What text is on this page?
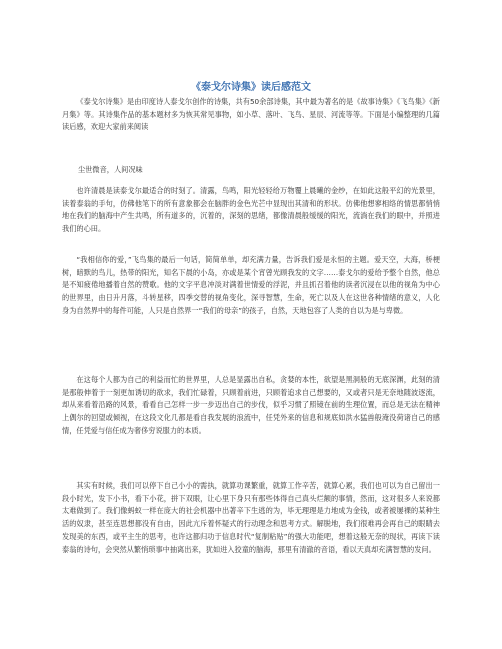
《泰戈尔诗集》读后感范文

《泰戈尔诗集》是由印度诗人泰戈尔创作的诗集，共有50余部诗集，其中最为著名的是《故事诗集》《飞鸟集》《新月集》等。其诗集作品的基本题材多为恢其常见事物，如小草、落叶、飞鸟、星辰、河流等等。下面是小编整理的几篇读后感，欢迎大家前来阅读

尘世微音，人间况味

也许清晨是读泰戈尔最适合的时刻了。清露，鸟鸣，阳光轻轻给万物覆上晨曦的金纱，在如此这般平幻的光景里，读着泰翁的手句，仿佛他笔下的所有意象都会在脑胖的金色光芒中显现出其清和的形状。仿佛他想寥相络的情思都悄悄地在我们的脑海中产生共鸣，所有道多的，沉着的，深刻的思绪，都像清晨般缓缓的阳光，流淌在我们的眼中，并照进我们的心田。

“我相信你的爱，”飞鸟集的最后一句话，简简单单，却充满力量，告诉我们爱是永恒的主题。爱天空，大海，桥梗树，暗默的鸟儿，热带的阳光，知名下晨的小岛，亦或是某个宵曾光顾我发的文字……泰戈尔的爱给予整个自然，他总是不知疲倦地播着自然的赞歌。他的文字平息冲淡对满着世情爱的浮泥，并且抓召着他的读者沉浸在以他的视角为中心的世界里，由日升月落，斗转星移，四季交替的视角变化，深寻智慧，生命，死亡以及人在这世各种情绪的意义，人化身为自然界中的每件可能，人只是自然界一“我们的母亲”的孩子，自然，天地包容了人类的自以为是与卑微。

在这每个人都为自己的利益而忙的世界里，人总是显露出自私，贪婪的本性，欲望是黑洞般的无底深渊，此刻的清是那般伸着于一刻更加诱切的欲求，我们忙碌着，只顾着前进，只顾着追求自己想要的，又或者只是无奈地随波逐流，却从来看着沿路的风景，看看自己怎样一步一步迈出自己的步伐，似乎习惯了照镜在前的生理位置，而总是无法在精神上偶尔的回望或倾视，在这段文化几都是看自我发展的浪流中，任凭外来的信息和规底如洪水猛兽般淹没荷诸自己的感情，任凭爱与信任成为奢侈穷说服力的本质。

其实有时候，我们可以停下自己小小的需执，就算功课繁重，就算工作辛苦，就算心累，我们也可以为自己留出一段小时光，发下小书，看下小花，拼下双眼，让心里下身只有那些体得自己真头烂额的事情，然而，这对很多人来说都太难做到了。我们像蚂蚁一样在庞大的社会机器中出著辛下生逃的为，毕无理理是力地成为金钱，或者被屡裸的某种生活的奴隶，甚至连思想都没有自由，因此亢斥着怀疑式的行动理念和思考方式。解脱地，我们很难再会再自己的眼睛去发现美的东西，或平主生的思考，也许这都归功于信息时代“复制粘贴”的强大功能吧，想着这般无奈的现状，再读下读泰翁的诗句，会突然从繁悄琐事中抽离出来，犹如进入狡童的脑海，那里有清澈的音语，看以天真却充满智慧的发问。
